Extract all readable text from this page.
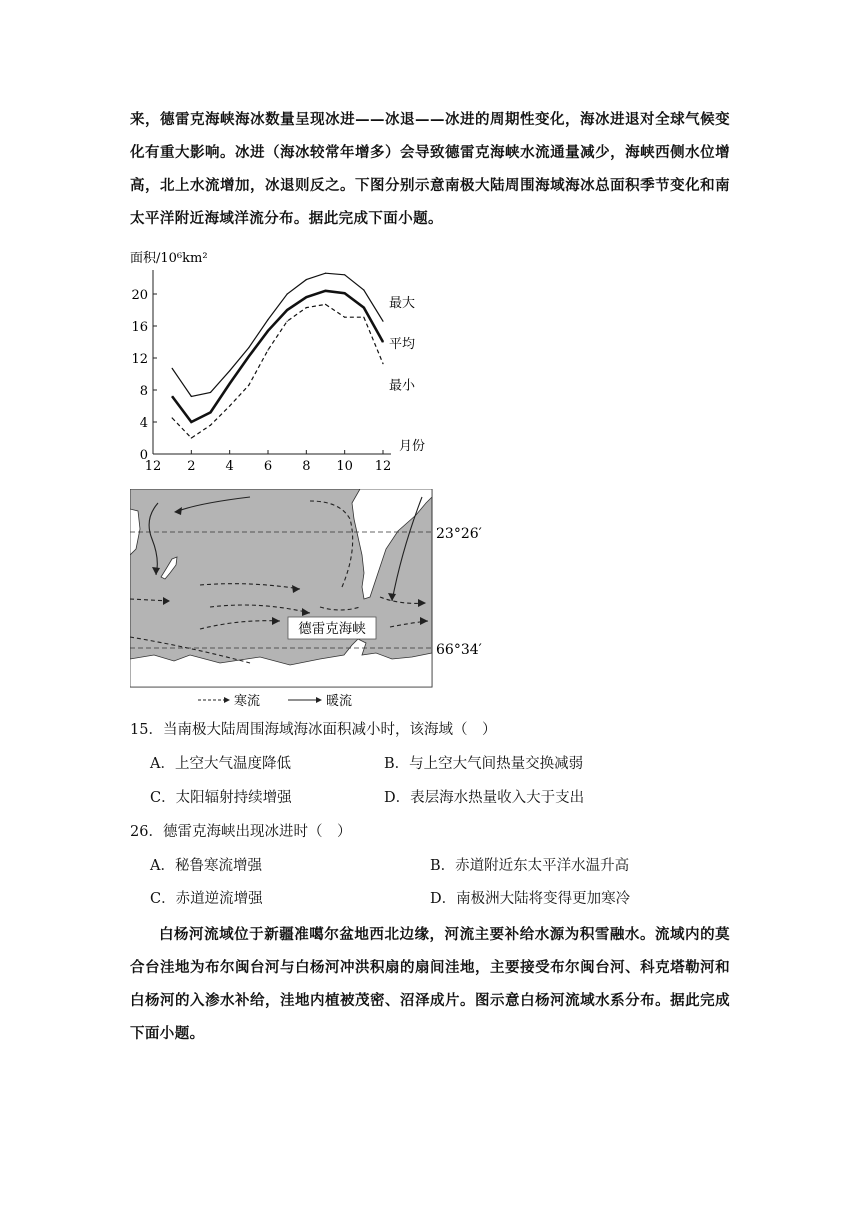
来，德雷克海峡海冰数量呈现冰进——冰退——冰进的周期性变化，海冰进退对全球气候变化有重大影响。冰进（海冰较常年增多）会导致德雷克海峡水流通量减少，海峡西侧水位增高，北上水流增加，冰退则反之。下图分别示意南极大陆周围海域海冰总面积季节变化和南太平洋附近海域洋流分布。据此完成下面小题。
面积/10⁶km²
0
4
8
12
16
20
12 2 4 6 8 10 12
月份
最大
平均
最小
德雷克海峡
23°26′
66°34′
寒流	暖流
15．当南极大陆周围海域海冰面积减小时，该海域（　）
A．上空大气温度降低	B．与上空大气间热量交换减弱
C．太阳辐射持续增强	D．表层海水热量收入大于支出
26．德雷克海峡出现冰进时（　）
A．秘鲁寒流增强	B．赤道附近东太平洋水温升高
C．赤道逆流增强	D．南极洲大陆将变得更加寒冷
白杨河流域位于新疆准噶尔盆地西北边缘，河流主要补给水源为积雪融水。流域内的莫合台洼地为布尔闽台河与白杨河冲洪积扇的扇间洼地，主要接受布尔闽台河、科克塔勒河和白杨河的入渗水补给，洼地内植被茂密、沼泽成片。图示意白杨河流域水系分布。据此完成下面小题。
